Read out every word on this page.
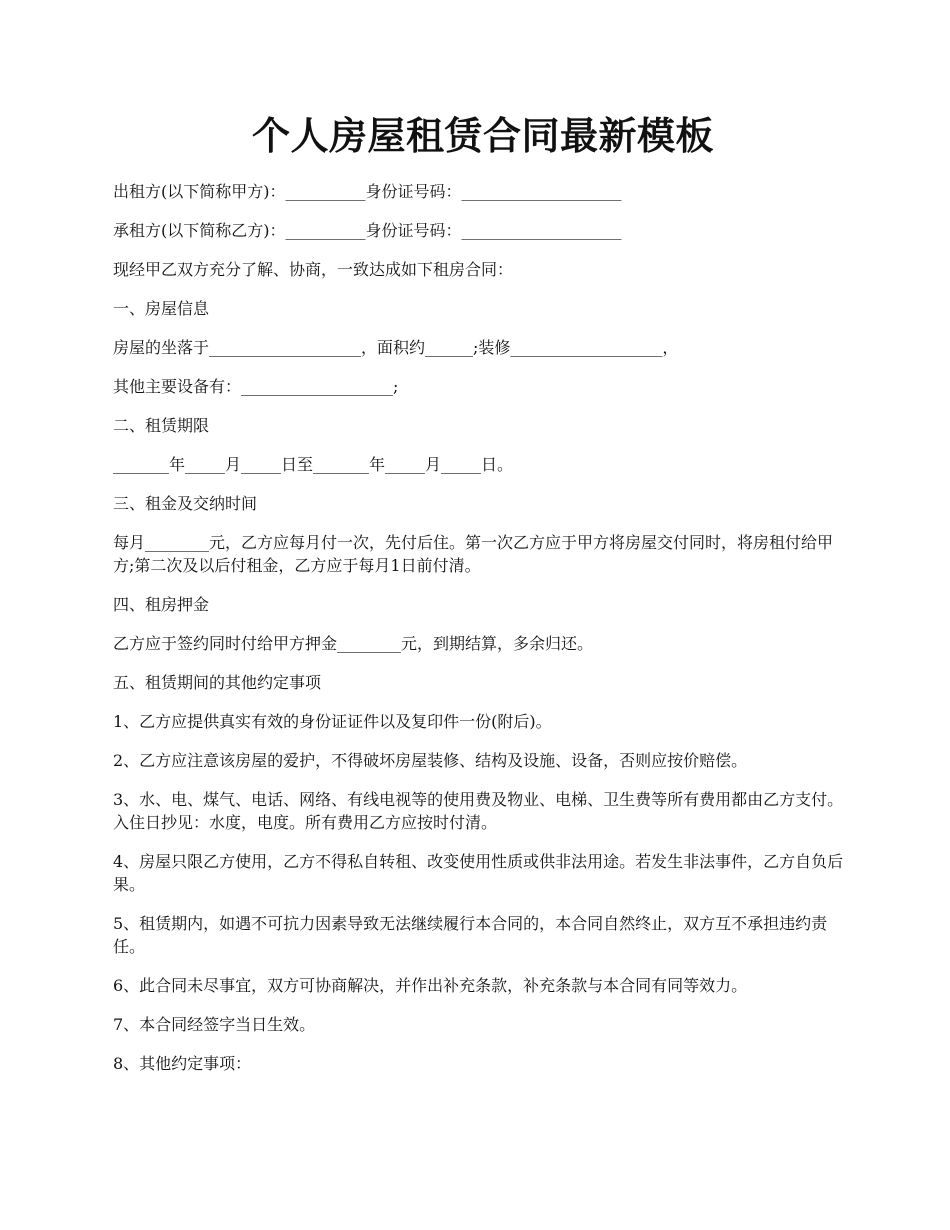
个人房屋租赁合同最新模板

出租方(以下简称甲方)：__________身份证号码：____________________

承租方(以下简称乙方)：__________身份证号码：____________________

现经甲乙双方充分了解、协商，一致达成如下租房合同：

一、房屋信息

房屋的坐落于___________________，面积约______;装修___________________，

其他主要设备有：___________________;

二、租赁期限

_______年_____月_____日至_______年_____月_____日。

三、租金及交纳时间

每月________元，乙方应每月付一次，先付后住。第一次乙方应于甲方将房屋交付同时，将房租付给甲方;第二次及以后付租金，乙方应于每月1日前付清。

四、租房押金

乙方应于签约同时付给甲方押金________元，到期结算，多余归还。

五、租赁期间的其他约定事项

1、乙方应提供真实有效的身份证证件以及复印件一份(附后)。

2、乙方应注意该房屋的爱护，不得破坏房屋装修、结构及设施、设备，否则应按价赔偿。

3、水、电、煤气、电话、网络、有线电视等的使用费及物业、电梯、卫生费等所有费用都由乙方支付。入住日抄见：水度，电度。所有费用乙方应按时付清。

4、房屋只限乙方使用，乙方不得私自转租、改变使用性质或供非法用途。若发生非法事件，乙方自负后果。

5、租赁期内，如遇不可抗力因素导致无法继续履行本合同的，本合同自然终止，双方互不承担违约责任。

6、此合同未尽事宜，双方可协商解决，并作出补充条款，补充条款与本合同有同等效力。

7、本合同经签字当日生效。

8、其他约定事项：
